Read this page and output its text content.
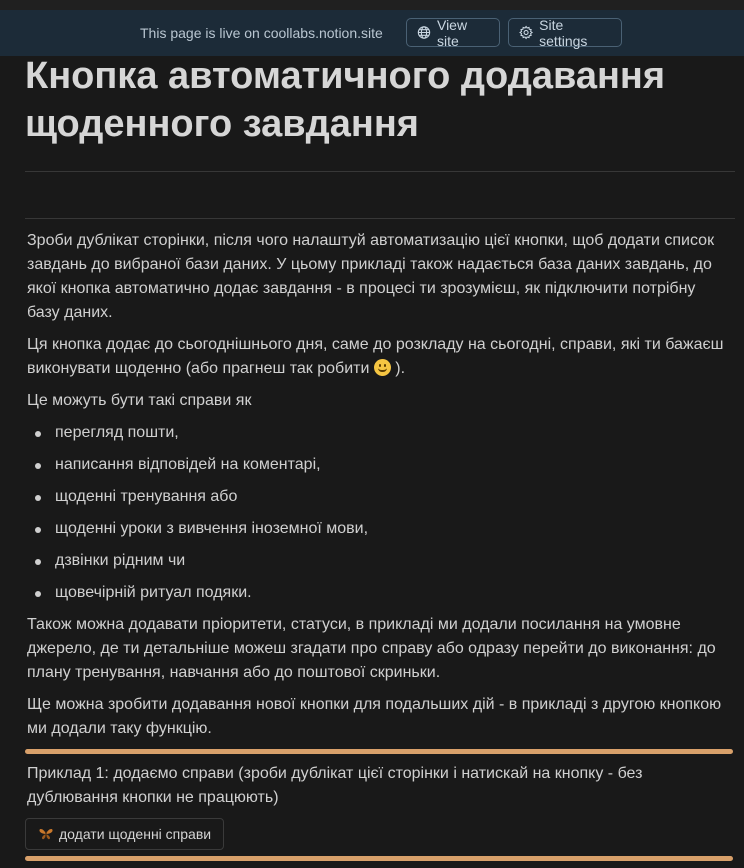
This page is live on coollabs.notion.site
View site
Site settings
Кнопка автоматичного додавання щоденного завдання

Зроби дублікат сторінки, після чого налаштуй автоматизацію цієї кнопки, щоб додати список завдань до вибраної бази даних. У цьому прикладі також надається база даних завдань, до якої кнопка автоматично додає завдання - в процесі ти зрозумієш, як підключити потрібну базу даних.

Ця кнопка додає до сьогоднішнього дня, саме до розкладу на сьогодні, справи, які ти бажаєш виконувати щоденно (або прагнеш так робити
).

Це можуть бути такі справи як

перегляд пошти,
написання відповідей на коментарі,
щоденні тренування або
щоденні уроки з вивчення іноземної мови,
дзвінки рідним чи
щовечірній ритуал подяки.

Також можна додавати пріоритети, статуси, в прикладі ми додали посилання на умовне джерело, де ти детальніше можеш згадати про справу або одразу перейти до виконання: до плану тренування, навчання або до поштової скриньки.

Ще можна зробити додавання нової кнопки для подальших дій - в прикладі з другою кнопкою ми додали таку функцію.

Приклад 1: додаємо справи (зроби дублікат цієї сторінки і натискай на кнопку - без дублювання кнопки не працюють)
додати щоденні справи
